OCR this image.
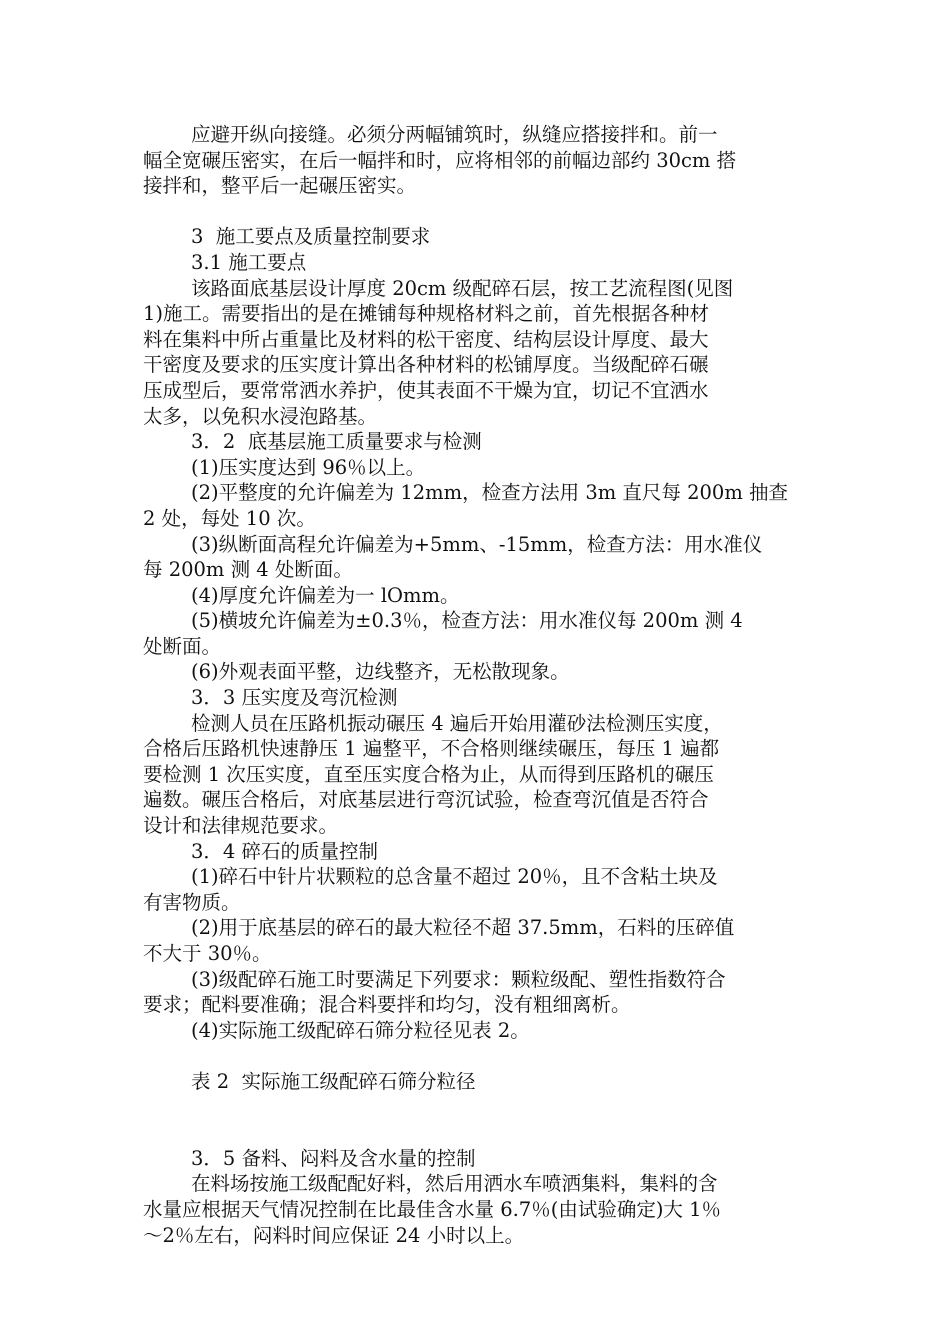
应避开纵向接缝。必须分两幅铺筑时，纵缝应搭接拌和。前一
幅全宽碾压密实，在后一幅拌和时，应将相邻的前幅边部约 30cm 搭
接拌和，整平后一起碾压密实。
3  施工要点及质量控制要求
3.1 施工要点
该路面底基层设计厚度 20cm 级配碎石层，按工艺流程图(见图
1)施工。需要指出的是在摊铺每种规格材料之前，首先根据各种材
料在集料中所占重量比及材料的松干密度、结构层设计厚度、最大
干密度及要求的压实度计算出各种材料的松铺厚度。当级配碎石碾
压成型后，要常常洒水养护，使其表面不干燥为宜，切记不宜洒水
太多，以免积水浸泡路基。
3．2  底基层施工质量要求与检测
(1)压实度达到 96％以上。
(2)平整度的允许偏差为 12mm，检查方法用 3m 直尺每 200m 抽查
2 处，每处 10 次。
(3)纵断面高程允许偏差为+5mm、-15mm，检查方法：用水准仪
每 200m 测 4 处断面。
(4)厚度允许偏差为一 lOmm。
(5)横坡允许偏差为±0.3％，检查方法：用水准仪每 200m 测 4
处断面。
(6)外观表面平整，边线整齐，无松散现象。
3．3 压实度及弯沉检测
检测人员在压路机振动碾压 4 遍后开始用灌砂法检测压实度，
合格后压路机快速静压 1 遍整平，不合格则继续碾压，每压 1 遍都
要检测 1 次压实度，直至压实度合格为止，从而得到压路机的碾压
遍数。碾压合格后，对底基层进行弯沉试验，检查弯沉值是否符合
设计和法律规范要求。
3．4 碎石的质量控制
(1)碎石中针片状颗粒的总含量不超过 20％，且不含粘土块及
有害物质。
(2)用于底基层的碎石的最大粒径不超 37.5mm，石料的压碎值
不大于 30％。
(3)级配碎石施工时要满足下列要求：颗粒级配、塑性指数符合
要求；配料要准确；混合料要拌和均匀，没有粗细离析。
(4)实际施工级配碎石筛分粒径见表 2。
表 2  实际施工级配碎石筛分粒径
3．5 备料、闷料及含水量的控制
在料场按施工级配配好料，然后用洒水车喷洒集料，集料的含
水量应根据天气情况控制在比最佳含水量 6.7％(由试验确定)大 1％
～2％左右，闷料时间应保证 24 小时以上。
